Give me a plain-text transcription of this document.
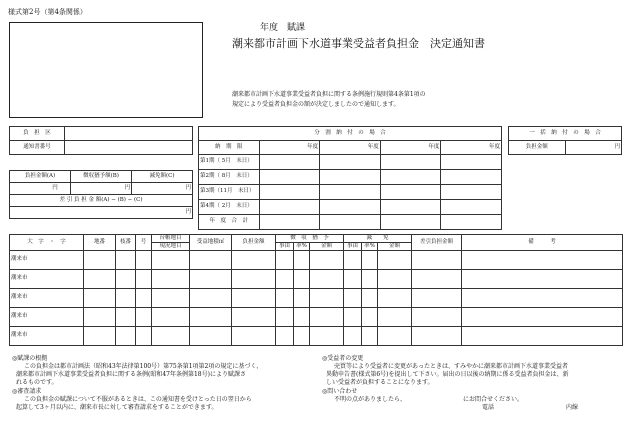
様式第2号（第4条関係）
年度　賦課
潮来都市計画下水道事業受益者負担金　決定通知書
潮来都市計画下水道事業受益者負担に関する条例施行規則第4条第1項の
規定により受益者負担金の額が決定しましたので通知します。
負　担　区	
通知書番号	
負担金額(A)	徴収猶予額(B)	減免額(C)
円	円	円
差 引 負 担 金 額(A) − (B) − (C)		
円		
分　割　納　付　の　場　合				
納　期　限	年度	年度	年度	年度
第1期（ 5月　末日）				
第2期（ 8月　末日）				
第3期（11月　末日）				
第4期（ 2月　末日）				
年　度　合　計				
一　括　納　付　の　場　合
負担金額	円
大　字　・　字	地番	枝番	号	台帳地目	受益地積㎡	負担金額	徴　収　猶　予			減　　免			差引負担金額	備　　　考
				現況地目			事由	率%	金額	事由	率%	金額		
潮来市														
潮来市														
潮来市														
潮来市														
潮来市														
◎賦課の根拠
この負担金は都市計画法（昭和43年法律第100号）第75条第1項第2項の規定に基づく、
潮来都市計画下水道事業受益者負担に関する条例(昭和47年条例第18号)により賦課さ
れるものです。
◎審査請求
この負担金の賦課について不服があるときは、この通知書を受けとった日の翌日から
起算して3ヶ月以内に、潮来市長に対して審査請求をすることができます。
◎受益者の変更
売買等により受益者に変更があったときは、すみやかに潮来都市計画下水道事業受益者
異動申告書(様式第6号)を提出して下さい。届出の日以後の納期に係る受益者負担金は、新
しい受益者が負担することになります。
◎問い合わせ
不明の点がありましたら、　　　　　　　　　　にお問合せください。
電話	内線
